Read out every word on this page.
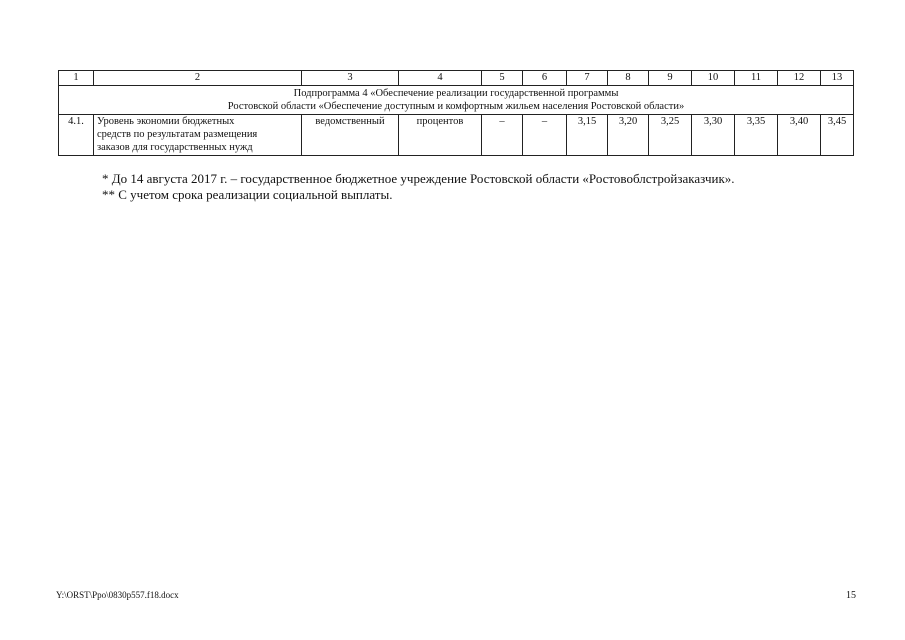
1	2	3	4	5	6	7	8	9	10	11	12	13

Подпрограмма 4 «Обеспечение реализации государственной программы
Ростовской области «Обеспечение доступным и комфортным жильем населения Ростовской области»												

4.1.	Уровень экономии бюджетных
средств по результатам размещения
заказов для государственных нужд	ведомственный	процентов	–	–	3,15	3,20	3,25	3,30	3,35	3,40	3,45
* До 14 августа 2017 г. – государственное бюджетное учреждение Ростовской области «Ростовоблстройзаказчик».
** С учетом срока реализации социальной выплаты.
Y:\ORST\Ppo\0830p557.f18.docx	15
